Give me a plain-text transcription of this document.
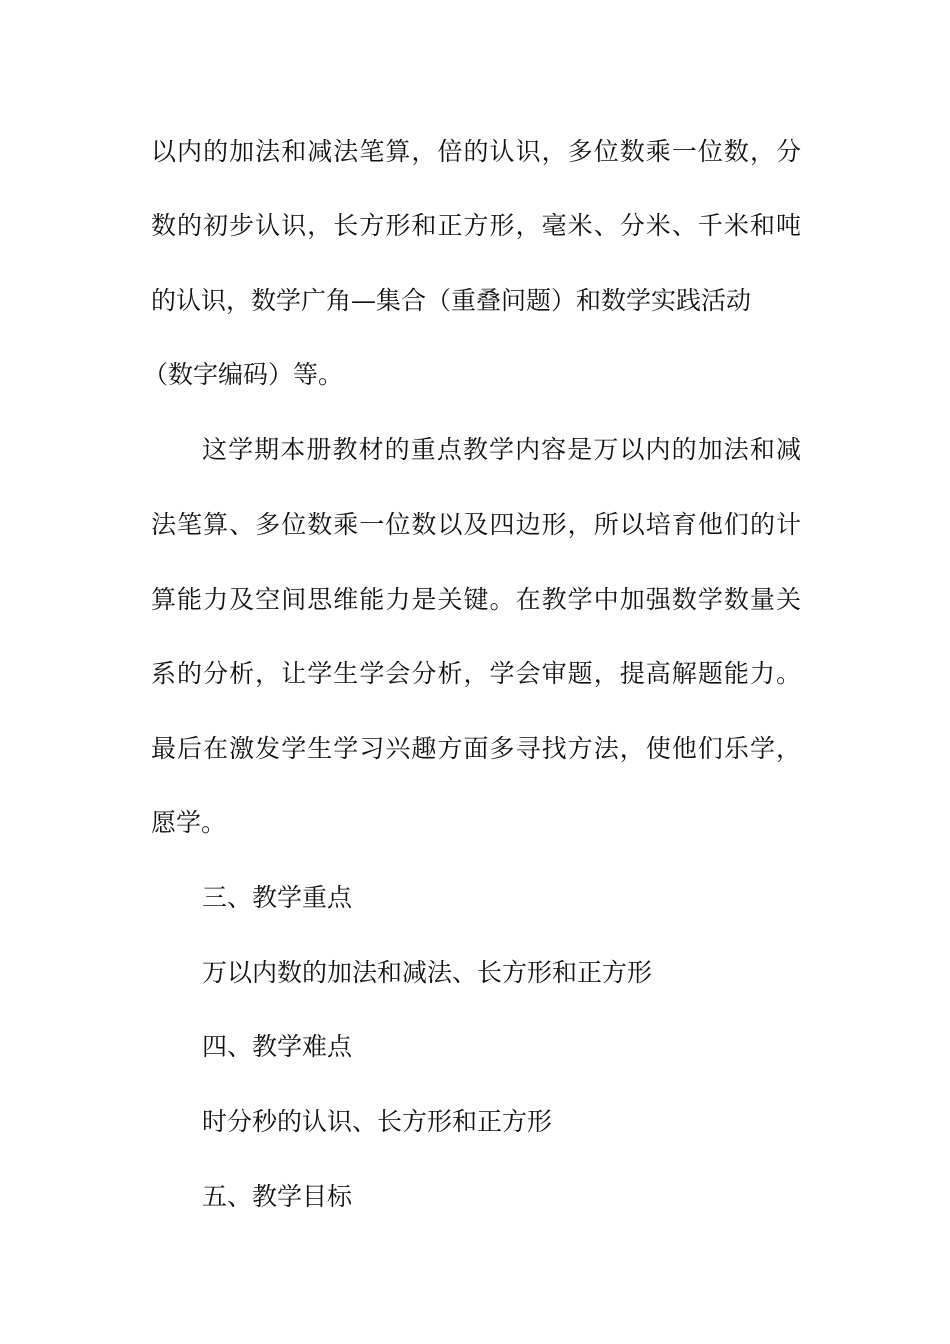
以内的加法和减法笔算，倍的认识，多位数乘一位数，分
数的初步认识，长方形和正方形，毫米、分米、千米和吨
的认识，数学广角—集合（重叠问题）和数学实践活动
（数字编码）等。
这学期本册教材的重点教学内容是万以内的加法和减
法笔算、多位数乘一位数以及四边形，所以培育他们的计
算能力及空间思维能力是关键。在教学中加强数学数量关
系的分析，让学生学会分析，学会审题，提高解题能力。
最后在激发学生学习兴趣方面多寻找方法，使他们乐学，
愿学。
三、教学重点
万以内数的加法和减法、长方形和正方形
四、教学难点
时分秒的认识、长方形和正方形
五、教学目标
